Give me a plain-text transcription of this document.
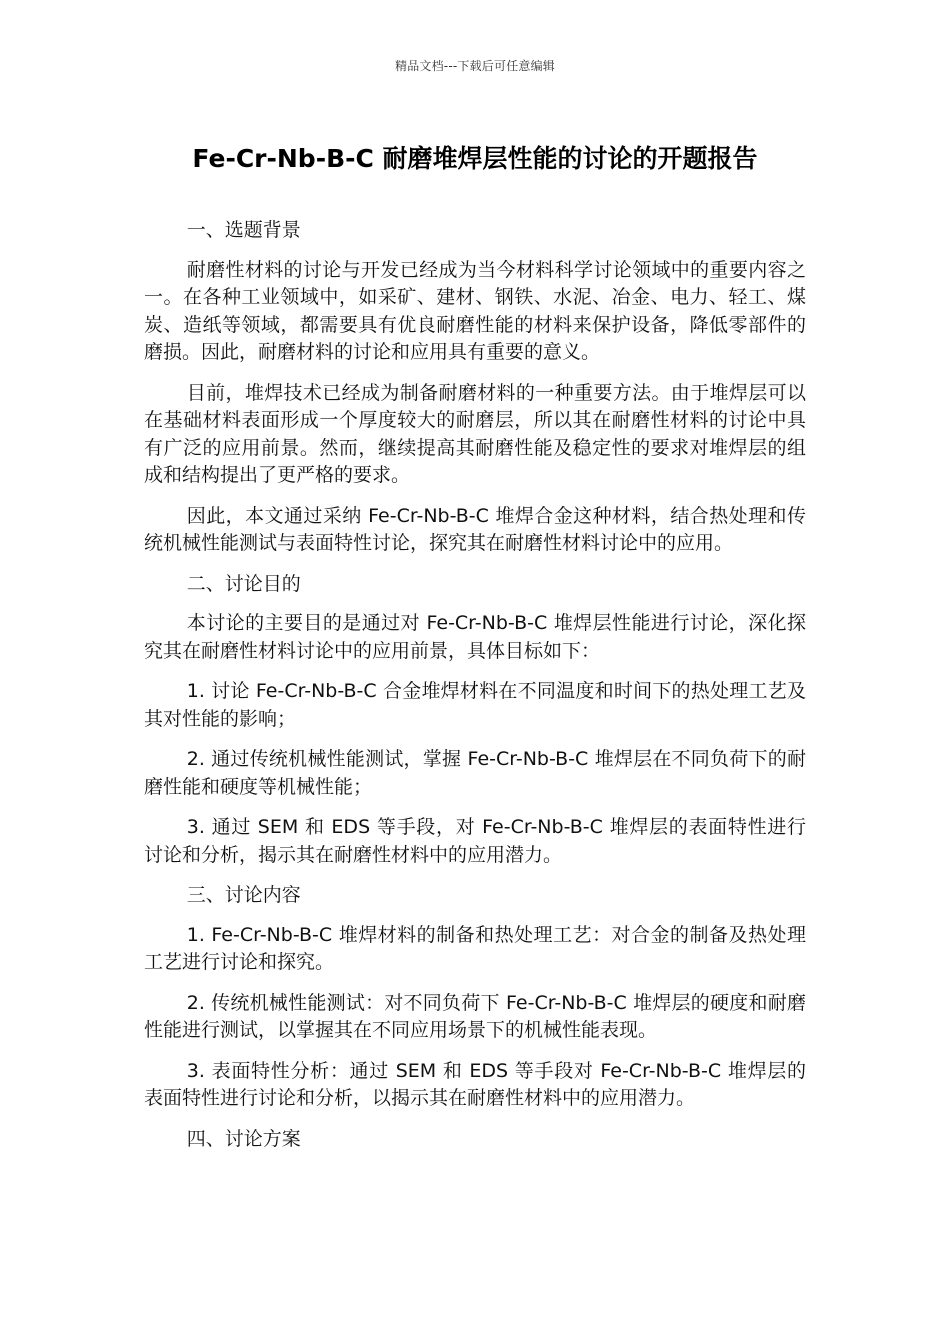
精品文档---下载后可任意编辑
Fe-Cr-Nb-B-C 耐磨堆焊层性能的讨论的开题报告

一、选题背景

耐磨性材料的讨论与开发已经成为当今材料科学讨论领域中的重要内容之一。在各种工业领域中，如采矿、建材、钢铁、水泥、冶金、电力、轻工、煤炭、造纸等领域，都需要具有优良耐磨性能的材料来保护设备，降低零部件的磨损。因此，耐磨材料的讨论和应用具有重要的意义。

目前，堆焊技术已经成为制备耐磨材料的一种重要方法。由于堆焊层可以在基础材料表面形成一个厚度较大的耐磨层，所以其在耐磨性材料的讨论中具有广泛的应用前景。然而，继续提高其耐磨性能及稳定性的要求对堆焊层的组成和结构提出了更严格的要求。

因此，本文通过采纳 Fe-Cr-Nb-B-C 堆焊合金这种材料，结合热处理和传统机械性能测试与表面特性讨论，探究其在耐磨性材料讨论中的应用。

二、讨论目的

本讨论的主要目的是通过对 Fe-Cr-Nb-B-C 堆焊层性能进行讨论，深化探究其在耐磨性材料讨论中的应用前景，具体目标如下：

1. 讨论 Fe-Cr-Nb-B-C 合金堆焊材料在不同温度和时间下的热处理工艺及其对性能的影响；

2. 通过传统机械性能测试，掌握 Fe-Cr-Nb-B-C 堆焊层在不同负荷下的耐磨性能和硬度等机械性能；

3. 通过 SEM 和 EDS 等手段，对 Fe-Cr-Nb-B-C 堆焊层的表面特性进行讨论和分析，揭示其在耐磨性材料中的应用潜力。

三、讨论内容

1. Fe-Cr-Nb-B-C 堆焊材料的制备和热处理工艺：对合金的制备及热处理工艺进行讨论和探究。

2. 传统机械性能测试：对不同负荷下 Fe-Cr-Nb-B-C 堆焊层的硬度和耐磨性能进行测试，以掌握其在不同应用场景下的机械性能表现。

3. 表面特性分析：通过 SEM 和 EDS 等手段对 Fe-Cr-Nb-B-C 堆焊层的表面特性进行讨论和分析，以揭示其在耐磨性材料中的应用潜力。

四、讨论方案
